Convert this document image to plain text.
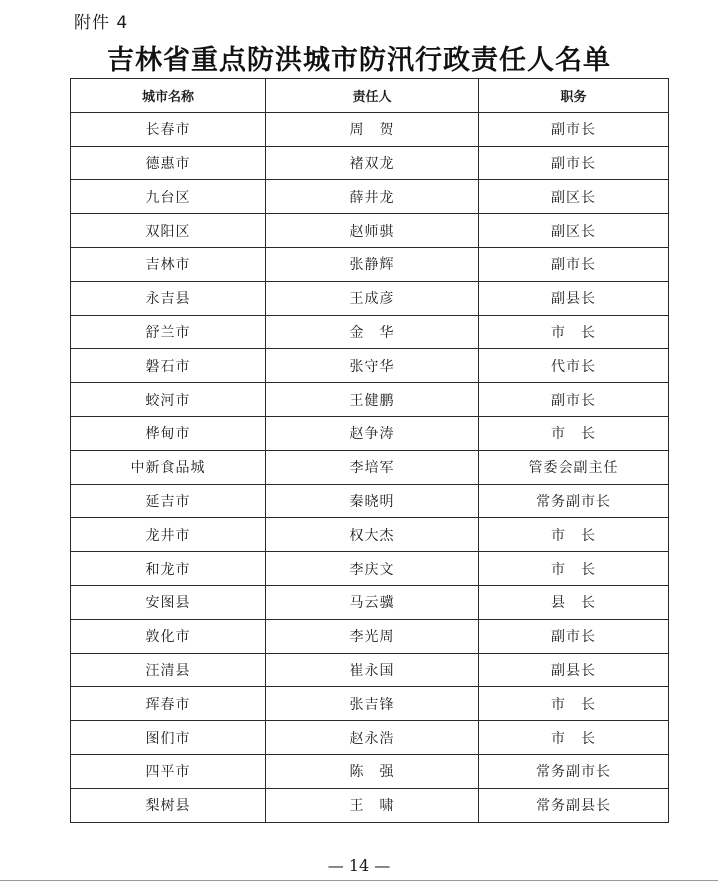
附件 4
吉林省重点防洪城市防汛行政责任人名单
城市名称	责任人	职务
长春市	周　贺	副市长
德惠市	褚双龙	副市长
九台区	薛井龙	副区长
双阳区	赵师骐	副区长
吉林市	张静辉	副市长
永吉县	王成彦	副县长
舒兰市	金　华	市　长
磐石市	张守华	代市长
蛟河市	王健鹏	副市长
桦甸市	赵争涛	市　长
中新食品城	李培军	管委会副主任
延吉市	秦晓明	常务副市长
龙井市	权大杰	市　长
和龙市	李庆文	市　长
安图县	马云骥	县　长
敦化市	李光周	副市长
汪清县	崔永国	副县长
珲春市	张吉锋	市　长
图们市	赵永浩	市　长
四平市	陈　强	常务副市长
梨树县	王　啸	常务副县长
— 14 —
